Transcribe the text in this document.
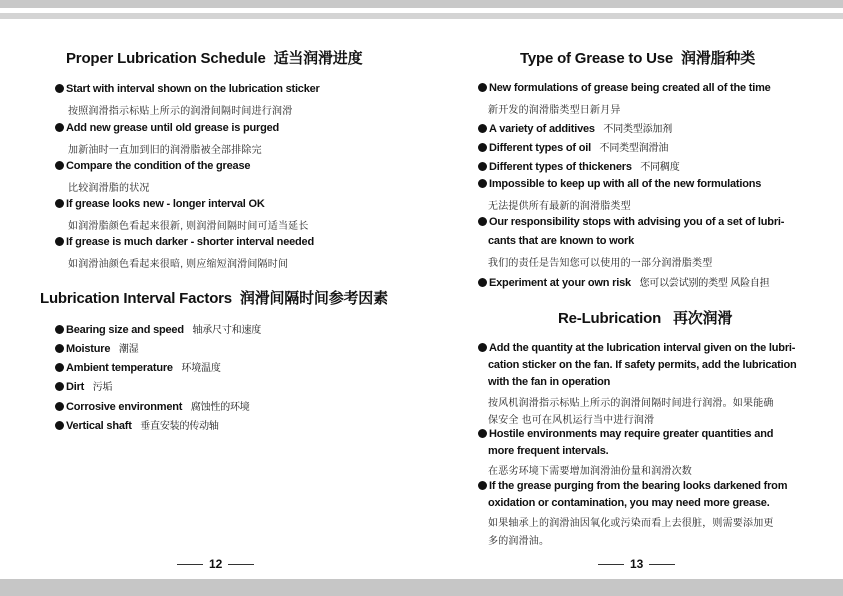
Proper Lubrication Schedule 适当润滑进度
Start with interval shown on the lubrication sticker
按照润滑指示标贴上所示的润滑间隔时间进行润滑
Add new grease until old grease is purged
加新油时一直加到旧的润滑脂被全部排除完
Compare the condition of the grease
比较润滑脂的状况
If grease looks new - longer interval OK
如润滑脂颜色看起来很新, 则润滑间隔时间可适当延长
If grease is much darker - shorter interval needed
如润滑油颜色看起来很暗, 则应缩短润滑间隔时间
Lubrication Interval Factors 润滑间隔时间参考因素
Bearing size and speed 轴承尺寸和速度
Moisture 潮湿
Ambient temperature 环境温度
Dirt 污垢
Corrosive environment 腐蚀性的环境
Vertical shaft 垂直安装的传动轴
12
Type of Grease to Use 润滑脂种类
New formulations of grease being created all of the time
新开发的润滑脂类型日新月异
A variety of additives 不同类型添加剂
Different types of oil 不同类型润滑油
Different types of thickeners 不同稠度
Impossible to keep up with all of the new formulations
无法提供所有最新的润滑脂类型
Our responsibility stops with advising you of a set of lubri-
cants that are known to work
我们的责任是告知您可以使用的一部分润滑脂类型
Experiment at your own risk 您可以尝试别的类型 风险自担
Re-Lubrication 再次润滑
Add the quantity at the lubrication interval given on the lubri-
cation sticker on the fan. If safety permits, add the lubrication
with the fan in operation
按风机润滑指示标贴上所示的润滑间隔时间进行润滑。如果能确
保安全 也可在风机运行当中进行润滑
Hostile environments may require greater quantities and
more frequent intervals.
在恶劣环境下需要增加润滑油份量和润滑次数
If the grease purging from the bearing looks darkened from
oxidation or contamination, you may need more grease.
如果轴承上的润滑油因氧化或污染而看上去很脏，则需要添加更
多的润滑油。
13
